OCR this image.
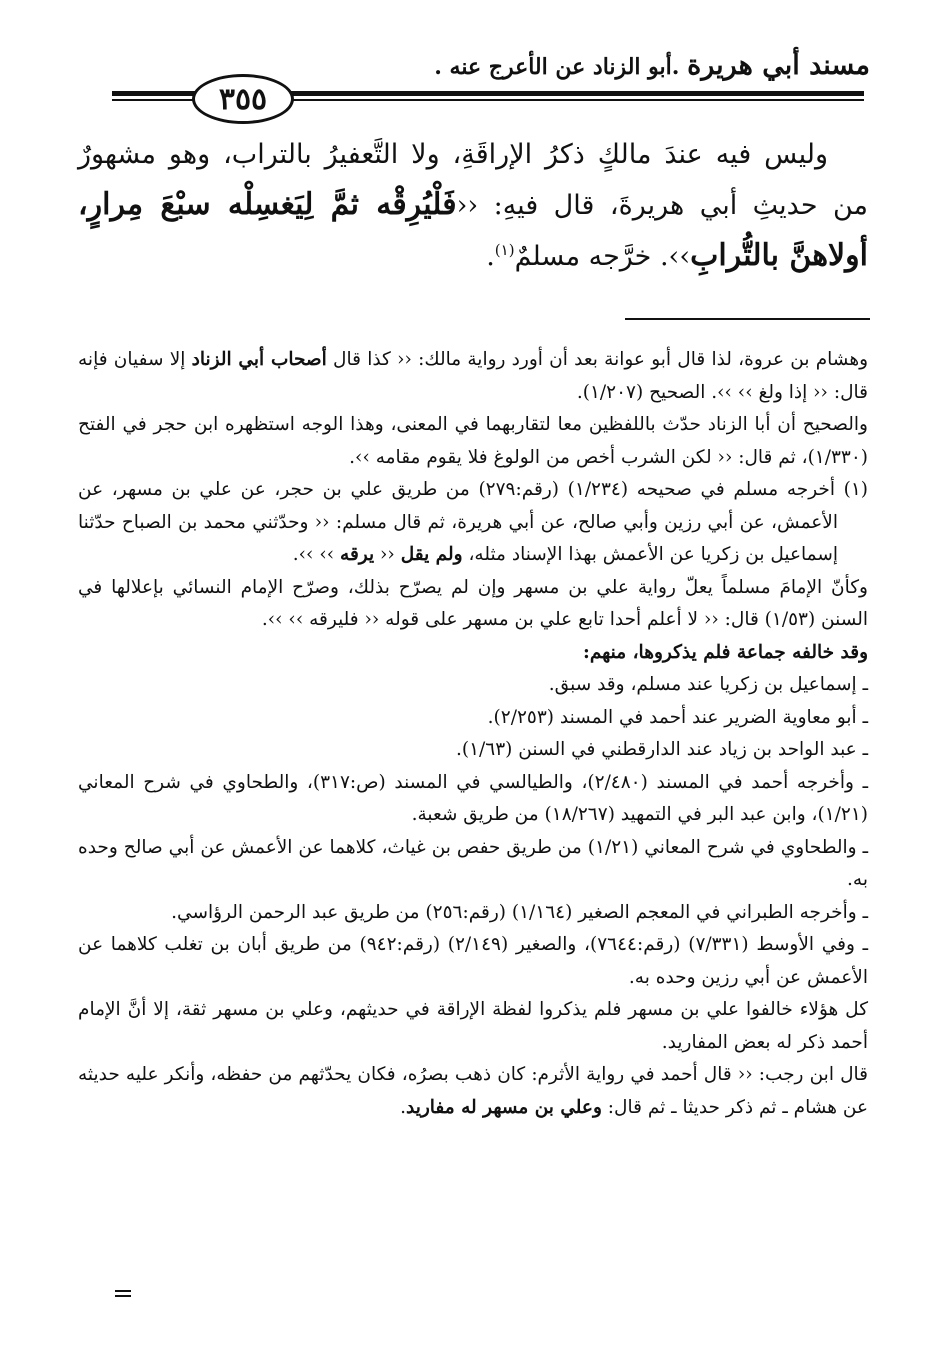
مسند أبي هريرة .أبو الزناد عن الأعرج عنه .
٣٥٥

وليس فيه عندَ مالكٍ ذكرُ الإراقَةِ، ولا التَّعفيرُ بالتراب، وهو مشهورٌ من حديثِ أبي هريرةَ، قال فيهِ: ‹‹فَلْيُرِقْه ثمَّ لِيَغسِلْه سبْعَ مِرارٍ، أولاهنَّ بالتُّرابِ››. خرَّجه مسلمٌ$^{(١)}$.

وهشام بن عروة، لذا قال أبو عوانة بعد أن أورد رواية مالك: ‹‹ كذا قال أصحاب أبي الزناد إلا سفيان فإنه قال: ‹‹ إذا ولغ ›› ››. الصحيح (١/٢٠٧).

والصحيح أن أبا الزناد حدّث باللفظين معا لتقاربهما في المعنى، وهذا الوجه استظهره ابن حجر في الفتح (١/٣٣٠)، ثم قال: ‹‹ لكن الشرب أخص من الولوغ فلا يقوم مقامه ››.

(١) أخرجه مسلم في صحيحه (١/٢٣٤) (رقم:٢٧٩) من طريق علي بن حجر، عن علي بن مسهر، عن الأعمش، عن أبي رزين وأبي صالح، عن أبي هريرة، ثم قال مسلم: ‹‹ وحدّثني محمد بن الصباح حدّثنا إسماعيل بن زكريا عن الأعمش بهذا الإسناد مثله، ولم يقل ‹‹ يرقه ›› ››.

وكأنّ الإمامَ مسلماً يعلّ رواية علي بن مسهر وإن لم يصرّح بذلك، وصرّح الإمام النسائي بإعلالها في السنن (١/٥٣) قال: ‹‹ لا أعلم أحدا تابع علي بن مسهر على قوله ‹‹ فليرقه ›› ››.

وقد خالفه جماعة فلم يذكروها، منهم:

ـ إسماعيل بن زكريا عند مسلم، وقد سبق.

ـ أبو معاوية الضرير عند أحمد في المسند (٢/٢٥٣).

ـ عبد الواحد بن زياد عند الدارقطني في السنن (١/٦٣).

ـ وأخرجه أحمد في المسند (٢/٤٨٠)، والطيالسي في المسند (ص:٣١٧)، والطحاوي في شرح المعاني (١/٢١)، وابن عبد البر في التمهيد (١٨/٢٦٧) من طريق شعبة.

ـ والطحاوي في شرح المعاني (١/٢١) من طريق حفص بن غياث، كلاهما عن الأعمش عن أبي صالح وحده به.

ـ وأخرجه الطبراني في المعجم الصغير (١/١٦٤) (رقم:٢٥٦) من طريق عبد الرحمن الرؤاسي.

ـ وفي الأوسط (٧/٣٣١) (رقم:٧٦٤٤)، والصغير (٢/١٤٩) (رقم:٩٤٢) من طريق أبان بن تغلب كلاهما عن الأعمش عن أبي رزين وحده به.

كل هؤلاء خالفوا علي بن مسهر فلم يذكروا لفظة الإراقة في حديثهم، وعلي بن مسهر ثقة، إلا أنَّ الإمام أحمد ذكر له بعض المفاريد.

قال ابن رجب: ‹‹ قال أحمد في رواية الأثرم: كان ذهب بصرُه، فكان يحدّثهم من حفظه، وأنكر عليه حديثه عن هشام ـ ثم ذكر حديثا ـ ثم قال: وعلي بن مسهر له مفاريد.
